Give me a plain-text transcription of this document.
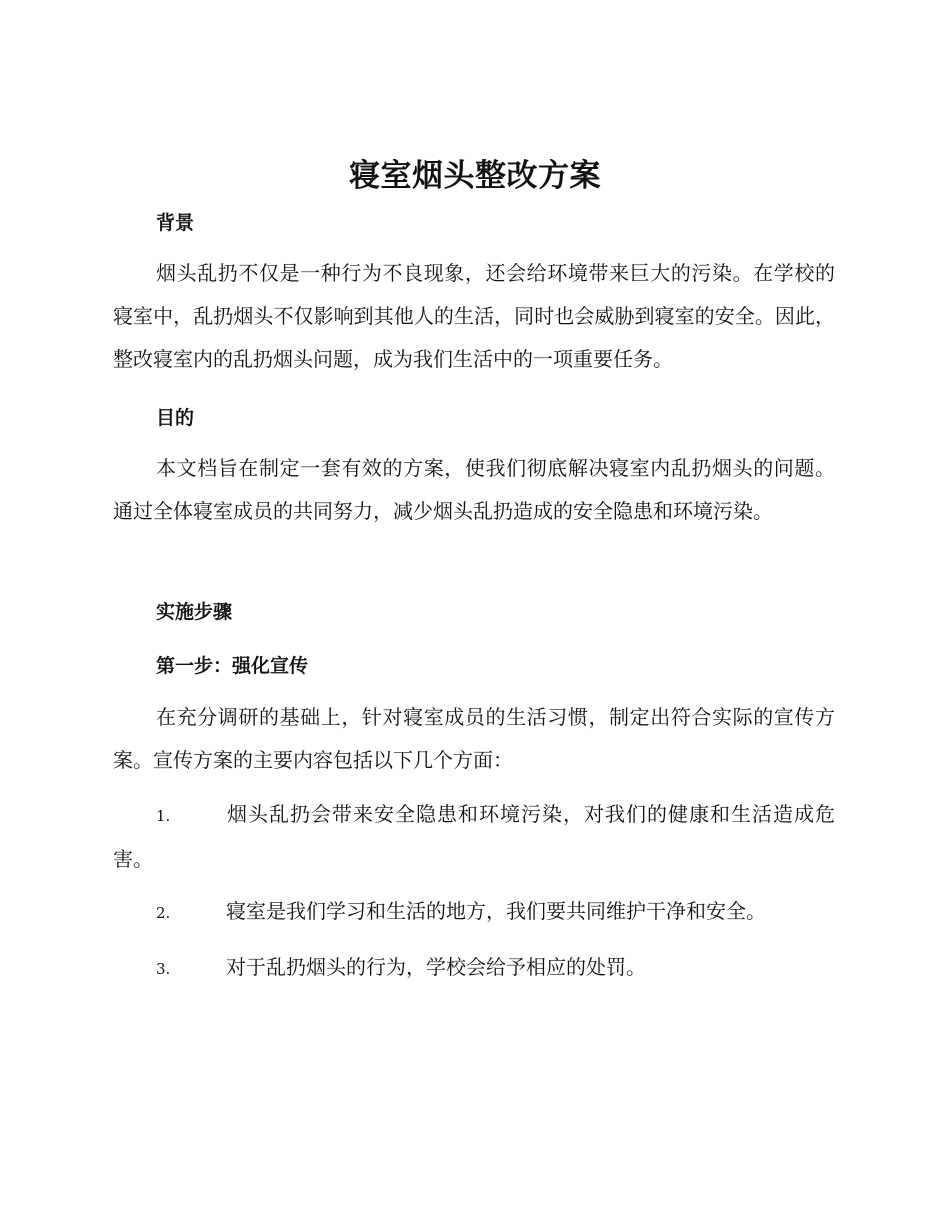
寝室烟头整改方案
背景

烟头乱扔不仅是一种行为不良现象，还会给环境带来巨大的污染。在学校的寝室中，乱扔烟头不仅影响到其他人的生活，同时也会威胁到寝室的安全。因此，整改寝室内的乱扔烟头问题，成为我们生活中的一项重要任务。

目的

本文档旨在制定一套有效的方案，使我们彻底解决寝室内乱扔烟头的问题。通过全体寝室成员的共同努力，减少烟头乱扔造成的安全隐患和环境污染。

实施步骤
第一步：强化宣传

在充分调研的基础上，针对寝室成员的生活习惯，制定出符合实际的宣传方案。宣传方案的主要内容包括以下几个方面：

1.	烟头乱扔会带来安全隐患和环境污染，对我们的健康和生活造成危害。

2.	寝室是我们学习和生活的地方，我们要共同维护干净和安全。

3.	对于乱扔烟头的行为，学校会给予相应的处罚。
